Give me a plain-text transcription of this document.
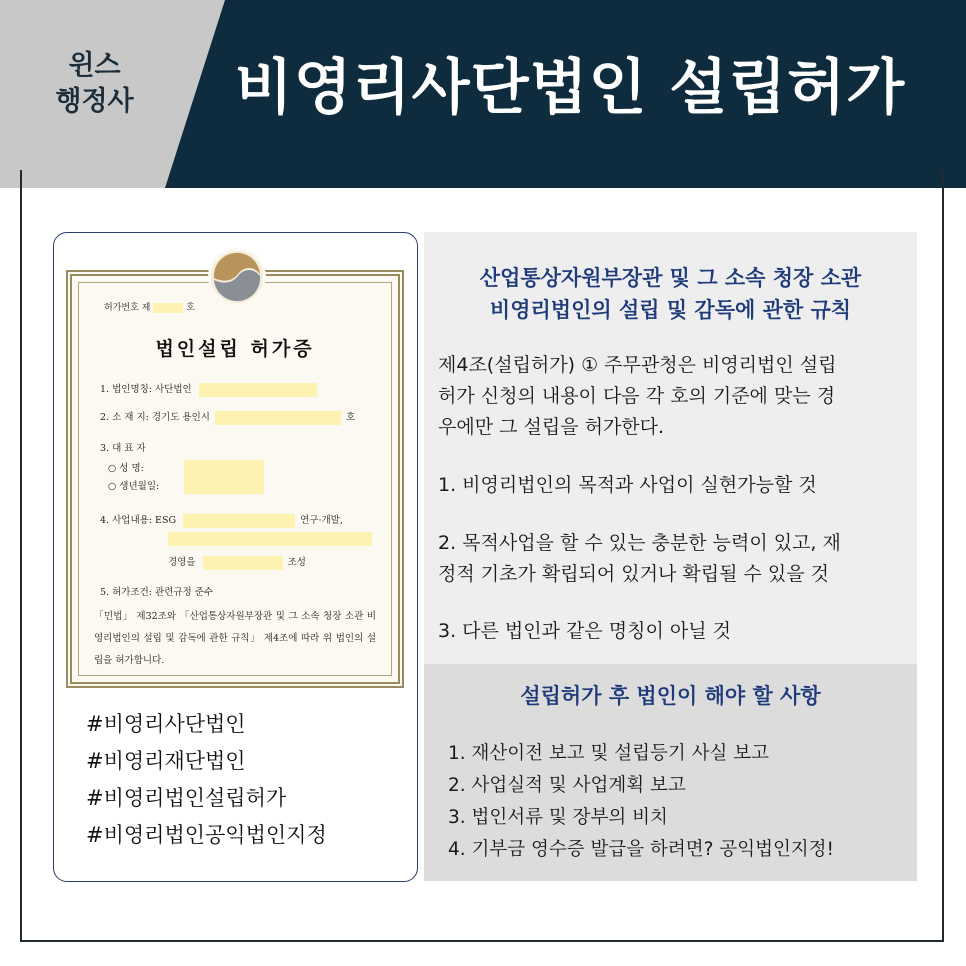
윈스
행정사	비영리사단법인 설립허가
허가번호 제	호
법인설립 허가증
1. 법인명칭: 사단법인
2. 소 재 지: 경기도 용인시	호
3. 대 표 자
○ 성 명:
○ 생년월일:
4. 사업내용: ESG	연구·개발,
경영을	조성
5. 허가조건: 관련규정 준수
「민법」 제32조와 「산업통상자원부장관 및 그 소속 청장 소관 비영리법인의 설립 및 감독에 관한 규칙」 제4조에 따라 위 법인의 설립을 허가합니다.
#비영리사단법인
#비영리재단법인
#비영리법인설립허가
#비영리법인공익법인지정
산업통상자원부장관 및 그 소속 청장 소관
비영리법인의 설립 및 감독에 관한 규칙
제4조(설립허가) ① 주무관청은 비영리법인 설립
허가 신청의 내용이 다음 각 호의 기준에 맞는 경
우에만 그 설립을 허가한다.
1. 비영리법인의 목적과 사업이 실현가능할 것
2. 목적사업을 할 수 있는 충분한 능력이 있고, 재
정적 기초가 확립되어 있거나 확립될 수 있을 것
3. 다른 법인과 같은 명칭이 아닐 것
설립허가 후 법인이 해야 할 사항
1. 재산이전 보고 및 설립등기 사실 보고
2. 사업실적 및 사업계획 보고
3. 법인서류 및 장부의 비치
4. 기부금 영수증 발급을 하려면? 공익법인지정!
